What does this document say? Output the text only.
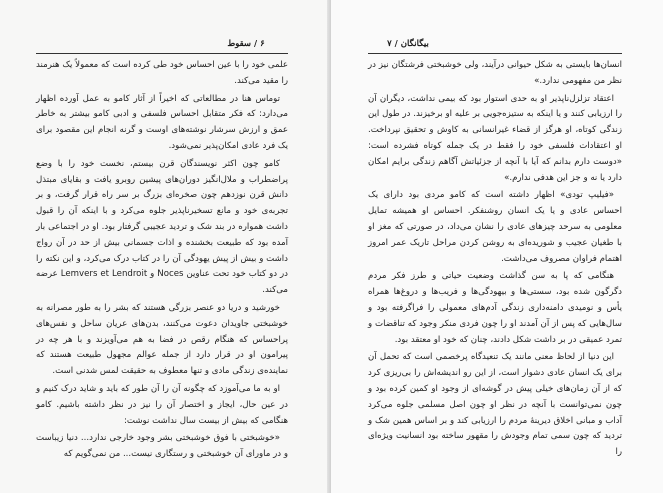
۶ / سقوط

علمی خود را با عین احساس خود طی کرده است که معمولاً یک هنرمند را مقید می‌کند.

توماس هنا در مطالعاتی که اخیراً از آثار کامو به عمل آورده اظهار می‌دارد: که فکر متقابل احساس فلسفی و ادبی کامو بیشتر به خاطر عمق و ارزش سرشار نوشته‌های اوست و گرنه انجام این مقصود برای یک فرد عادی امکان‌پذیر نمی‌شود.

کامو چون اکثر نویسندگان قرن بیستم، نخست خود را با وضع پراضطراب و ملال‌انگیز دوران‌های پیشین روبرو یافت و بقایای مبتذل دانش قرن نوزدهم چون صخره‌ای بزرگ بر سر راه قرار گرفت، و بر تجربه‌ی خود و مانع تسخیرناپذیر جلوه می‌کرد و با اینکه آن را قبول داشت همواره در بند شک و تردید عجیبی گرفتار بود. او در اجتماعی بار آمده بود که طبیعت بخشنده و اذات جسمانی بیش از حد در آن رواج داشت و بیش از پیش یهودگی آن را در کتاب درک می‌کرد، و این نکته را در دو کتاب خود تحت عناوین Noces و Lemvers et Lendroit عرضه می‌کند.

خورشید و دریا دو عنصر بزرگی هستند که بشر را به طور مصرانه به خوشبختی جاویدان دعوت می‌کنند، بدن‌های عریان ساحل و نفس‌های پراحساس که هنگام رقص در فضا به هم می‌آویزند و با هر چه در پیرامون او در قرار دارد از جمله عوالم مجهول طبیعت هستند که نماینده‌ی زندگی مادی و تنها معطوف به حقیقت لمس شدنی است.

او به ما می‌آموزد که چگونه آن را آن طور که باید و شاید درک کنیم و در عین حال، ایجاز و اختصار آن را نیز در نظر داشته باشیم. کامو هنگامی که بیش از بیست سال نداشت نوشت:

«خوشبختی با فوق خوشبختی بشر وجود خارجی ندارد... دنیا زیباست و در ماورای آن خوشبختی و رستگاری نیست... من نمی‌گویم که

بیگانگان / ۷

انسان‌ها بایستی به شکل حیوانی درآیند، ولی خوشبختی فرشتگان نیز در نظر من مفهومی ندارد.»

اعتقاد تزلزل‌ناپذیر او به حدی استوار بود که بیمی نداشت، دیگران آن را ارزیابی کنند و یا اینکه به ستیزه‌جویی بر علیه او برخیزند. در طول این زندگی کوتاه، او هرگز از قضاء غیرانسانی به کاوش و تحقیق نپرداخت. او اعتقادات فلسفی خود را فقط در یک جمله کوتاه فشرده است: «دوست دارم بدانم که آیا با آنچه از جزئیاتش آگاهم زندگی برایم امکان دارد یا نه و جز این هدفی ندارم.»

«فیلیپ تودی» اظهار داشته است که کامو مردی بود دارای یک احساس عادی و یا یک انسان روشنفکر. احساس او همیشه تمایل معلومی به سرحد چیزهای عادی را نشان می‌داد، در صورتی که مغز او با طغیان عجیب و شوریده‌ای به روشن کردن مراحل تاریک عمر امروز اهتمام فراوان مصروف می‌داشت.

هنگامی که پا به سن گذاشت وضعیت حیاتی و طرز فکر مردم دگرگون شده بود، سستی‌ها و بیهودگی‌ها و فریب‌ها و دروغ‌ها همراه یأس و نومیدی دامنه‌داری زندگی آدم‌های معمولی را فراگرفته بود و سال‌هایی که پس از آن آمدند او را چون فردی منکر وجود که تناقضات و تمرد عمیقی در بر داشت شکل دادند، چنان که خود او معتقد بود.

این دنیا از لحاظ معنی مانند یک تنعیدگاه پرخصمی است که تحمل آن برای یک انسان عادی دشوار است، از این رو اندیشه‌اش را بی‌ریزی کرد که از آن زمان‌های خیلی پیش در گوشه‌ای از وجود او کمین کرده بود و چون نمی‌توانست با آنچه در نظر او چون اصل مسلمی جلوه می‌کرد آداب و مبانی اخلاق دیرینهٔ مردم را ارزیابی کند و بر اساس همین شک و تردید که چون سمی تمام وجودش را مقهور ساخته بود انسانیت ویژه‌ای را
